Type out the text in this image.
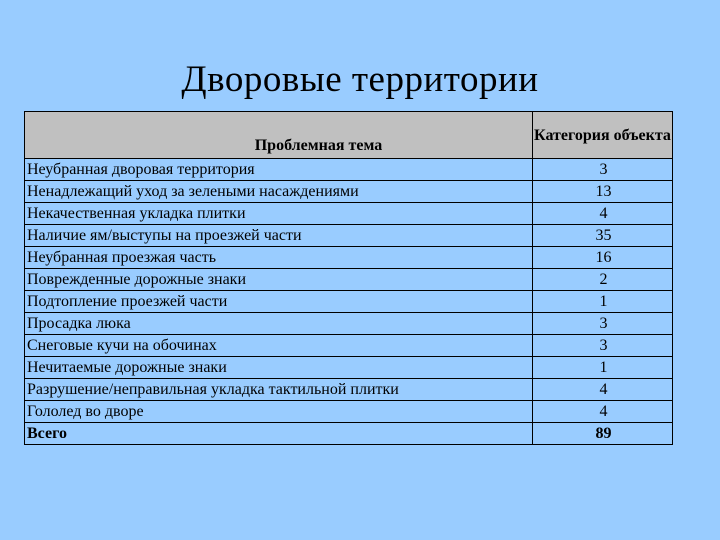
Дворовые территории
Проблемная тема	Категория объекта
Неубранная дворовая территория	3
Ненадлежащий уход за зелеными насаждениями	13
Некачественная укладка плитки	4
Наличие ям/выступы на проезжей части	35
Неубранная проезжая часть	16
Поврежденные дорожные знаки	2
Подтопление проезжей части	1
Просадка люка	3
Снеговые кучи на обочинах	3
Нечитаемые дорожные знаки	1
Разрушение/неправильная укладка тактильной плитки	4
Гололед во дворе	4
Всего	89
